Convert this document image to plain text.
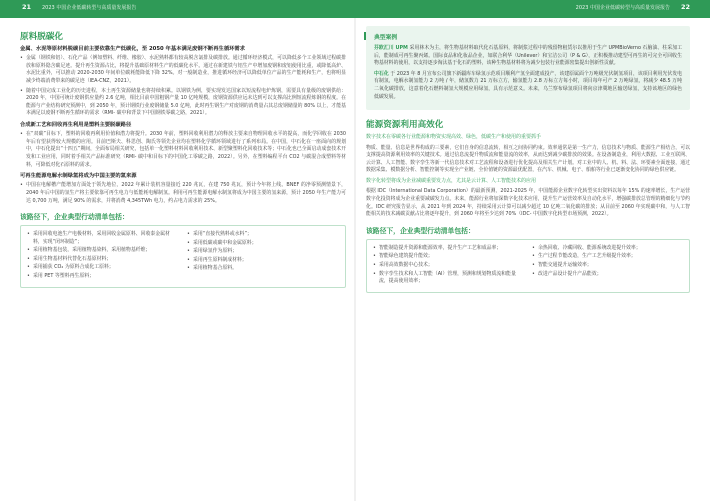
21 2023 中国企业低碳转型与高质量发展报告	2023 中国企业低碳转型与高质量发展报告 22
原料脱碳化
金属、水泥等原材料脱碳目前主要依靠生产低碳化，至 2050 年基本满足废钢不断再生循环需求
• 金属（钢铁和铝）、石化产品（例如塑料、纤维、橡胶）、水泥熟料都有较高脱含氯排及碳排放。通过循环经济模式，可以降低多个工业领域过程碳排放和原料隐含碳足迹。提升再生资源占比，将提升基础原材料生产的低碳化水平。通过在新建铁与铝生产中增加废钢和废铝使用比重，或降低高炉、水泥比重外，可以推动 2020-2030 年间单位碳耗能降低下降 32%。对一般制造业，推进循环经济可以降低单位产品的生产能耗和生产，也将明显减少终端消费带来的碳足迹（IEA-CNZ，2021）。
• 随着中国完成工业化的历史进程，本土再生资源储量也将持续积累。以钢铁为例，要实现发达国家以短流程电炉炼钢，需要具有量级的废钢供给：2020 年，中国可统计废钢供应量约 2.6 亿吨，相比目前中国粗钢产量 10 亿吨规模，废钢资源供应远未达到可以支撑高比例短流程炼钢的程度。在能源与产业结构研究预测中，到 2050 年，预计钢铁行业废钢储量 5.0 亿吨，此时再生钢生产对废钢的消费量占其总废钢储量的 80% 以上，才能基本满足以废钢不断再生循环的需求（RMI- 碳中和背景下中国钢铁零碳之路，2021）。
合成新工艺和回收再生利用是塑料主要脱碳路径
• 在“双碳”目标下，塑料的回收再利用价值和潜力将提升。2030 年前，塑料回收利用潜力的释放主要来自物理回收水平的提高，而化学回收在 2030 年后有望获得较大规模的应用。目前巴斯夫、科思创、陶氏等领先企业均在塑料化学循环领域进行了系列布局。在中国，中石化在一座面向的规划中，中石化提出“十四五”期间，全面布局相关研究，包括单一化塑料材料回收利用技术、新型聚塑料化回收技术等；中石化也已全面启动成套技术开发和工业应用，同时着手相关产品标准研究（RMI- 碳中和目标下的中国化工零碳之路，2022）。另外，在塑料编程平台 CO2 与碳混合成塑料等材料，可降低对化石原料的需求。
可再生能源电解水制绿氢将成为中国主要的氢来源
• 中国在电解槽产能增加方面处于领先地位，2022 年累计装机容量接近 220 兆瓦，在建 750 兆瓦，预计今年将上线。BNEF 的净零预测情景下，2040 年后中国的氢生产将主要依靠可再生电力与低能耗电解制氢。利用可再生能源电解水制氢将成为中国主要的氢来源，预计 2050 年生产能力可达 0,700 万吨，满足 90% 的需求，并将消费 4,345TWh 电力，约占电力需求的 25%。
该路径下，企业典型行动清单包括：
• 采用回收电池生产电极材料，采用回收金属原料、回收泰金属材料，实现“闭环制造”；
• 采用植物基包装，采用植物基染料，采用植物基纤维；
• 采用生物基材料代替化石基原材料；
• 采用捕获 CO₂ 为原料合成化工原料；
• 采用 PET 等塑料再生原料；
• 采用“直接代熟料或水料”；
• 采用低碳或碳中和金属原料；
• 采用绿氢作为原料；
• 采用再生原料制成材料；
• 采用植物基合原料。
典型案例

芬欧汇川 UPM 采用林木为主，将生物基材料取代化石基原料，将制浆过程中的残留物租赁尔以推用于生产 UPMBioVerno 石脑油、柱采加工后，能制成可再生聚丙烯。国际食品和化妆品企业，如联合利华（Unilever）和宝洁公司（P & G），正积极推动建型可再生的可完全可回收生物基材料的使用，以支持逐步淘汰基于化石的塑料，该种生物基材料将为减少包装行业能源密集提出创新性贡献。

中石化 于 2023 年 8 月宣布公司旗下新疆库车绿氢示范项目顺利产氢全面建成投产，该建原属面个万吨级光伏制氢项目，该项目利用光伏发电有制氢，电解水制氢能力 2 万吨 / 年，储氢数力 21 万标立方，输氢能力 2.8 万标立方每小时，项目每年可产 2 万吨绿氢，将减少 48.5 万吨二氧化碳排放，这意着化石燃料制氢大规模应用绿氢，具有示范意义。未来，乌兰察布绿氢项目将向京津冀地区输送绿氢，支持该地区的绿色低碳发展。

能源资源利用高效化
数字技术在零碳各行业能源和物资实现高效、绿色，低碳生产和使用的重要抓手

物质、能量、信息是世界构成的三要素，它们自身的信息流转，相互之间协同约束。效率通常是第一生产力，信息技术与物质、能源生产相结合，可以支撑提高资源利用效率的关键技术。通过信息流提升物质流和能量流的效率，从而达到减少碳排放的效果。在设备制造业，利用大数据、工业互联网、云计算、人工智能、数字孪生等新一代信息技术对工艺流程和设备进行优化提高及相关生产计划。对工业中的人、机、料、法、环要素全面连接，通过数据采集、模数据分析、智能控制等实现全产业链、全价值链的资源最优配置，在汽车、机械、电子、船舶等行业已逐渐变化协同的绿色供应链。

数字化转型将成为企业减碳重要发力点，尤其是云计算、人工智能技术的应用

根据 IDC（International Data Corporation）的最新预测，2021-2025 年，中国能源企业数字化转型实出资料以每年 15% 的速率增长，生产运营数字化投资将成为企业重要减碳发力点。未来，能源行业将加深数字化技术应用，提升生产运营效率及自动化水平，增强碳排放总管理的精细化与节约化。IDC 研究报告显示，从 2021 年到 2024 年，持续采用云计算可以减少超过 10 亿吨二氧化碳的排放；从目前至 2060 年实现碳中和，与人工智能相关的技术减碳贡献占比将逐年提升，到 2060 年将至少达到 70%（IDC- 中国数字化转型市场预测，2022）。

该路径下，企业典型行动清单包括：
• 智能制造提升资源和能源效率，提升生产工艺和成品率；
• 智能绿色建筑提升能效；
• 采用高效数据中心技术；
• 数字孪生技术和人工智能（AI）管理，预测和规划物质流和能量流，提高使用效率；
• 余热回收、冷藏回收、能源系统改进提升效率；
• 生产过程节能改造，生产工艺升级提升效率；
• 智能交通提升运输效率；
• 改进产品设计提升产品能效；
